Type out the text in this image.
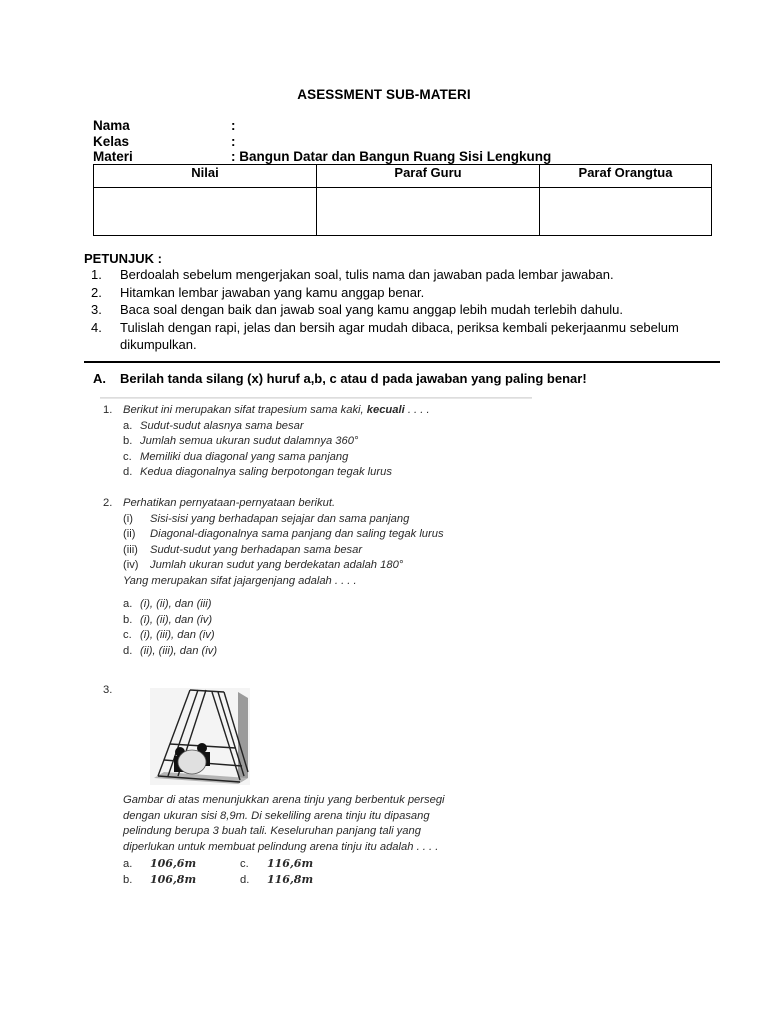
ASESSMENT SUB-MATERI
Nama	:
Kelas	:
Materi	: Bangun Datar dan Bangun Ruang Sisi Lengkung
Nilai	Paraf Guru	Paraf Orangtua

PETUNJUK :
1.	Berdoalah sebelum mengerjakan soal, tulis nama dan jawaban pada lembar jawaban.
2.	Hitamkan lembar jawaban yang kamu anggap benar.
3.	Baca soal dengan baik dan jawab soal yang kamu anggap lebih mudah terlebih dahulu.
4.	Tulislah dengan rapi, jelas dan bersih agar mudah dibaca, periksa kembali pekerjaanmu sebelum dikumpulkan.
A. Berilah tanda silang (x) huruf a,b, c atau d pada jawaban yang paling benar!
1. Berikut ini merupakan sifat trapesium sama kaki, kecuali . . . .
a. Sudut-sudut alasnya sama besar
b. Jumlah semua ukuran sudut dalamnya 360°
c. Memiliki dua diagonal yang sama panjang
d. Kedua diagonalnya saling berpotongan tegak lurus
2. Perhatikan pernyataan-pernyataan berikut.
(i) Sisi-sisi yang berhadapan sejajar dan sama panjang
(ii) Diagonal-diagonalnya sama panjang dan saling tegak lurus
(iii) Sudut-sudut yang berhadapan sama besar
(iv) Jumlah ukuran sudut yang berdekatan adalah 180°
Yang merupakan sifat jajargenjang adalah . . . .
a. (i), (ii), dan (iii)
b. (i), (ii), dan (iv)
c. (i), (iii), dan (iv)
d. (ii), (iii), dan (iv)
3.
Gambar di atas menunjukkan arena tinju yang berbentuk persegi
dengan ukuran sisi 8,9m. Di sekeliling arena tinju itu dipasang
pelindung berupa 3 buah tali. Keseluruhan panjang tali yang
diperlukan untuk membuat pelindung arena tinju itu adalah . . . .
a. 106,6m	c. 116,6m
b. 106,8m	d. 116,8m
